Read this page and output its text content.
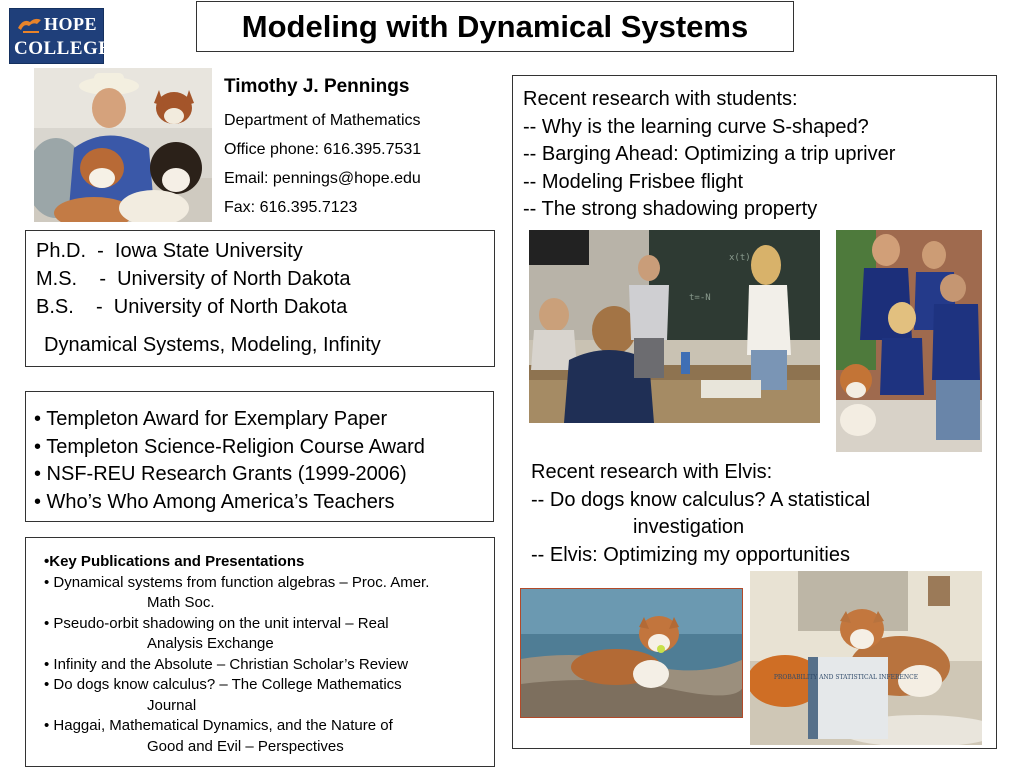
HOPE
COLLEGE
Modeling with Dynamical Systems
Timothy J. Pennings
Department of Mathematics
Office phone: 616.395.7531
Email: pennings@hope.edu
Fax: 616.395.7123
Ph.D.  -  Iowa State University
M.S.    -  University of North Dakota
B.S.    -  University of North Dakota
Dynamical Systems, Modeling, Infinity
• Templeton Award for Exemplary Paper
• Templeton Science-Religion Course Award
• NSF-REU Research Grants (1999-2006)
• Who’s Who Among America’s Teachers
•Key Publications and Presentations
• Dynamical systems from function algebras – Proc. Amer.
Math Soc.
• Pseudo-orbit shadowing on the unit interval – Real
Analysis Exchange
• Infinity and the Absolute – Christian Scholar’s Review
• Do dogs know calculus? – The College Mathematics
Journal
• Haggai, Mathematical Dynamics, and the Nature of
Good and Evil – Perspectives
Recent research with students:
-- Why is the learning curve S-shaped?
-- Barging Ahead: Optimizing a trip upriver
-- Modeling Frisbee flight
-- The strong shadowing property
Recent research with Elvis:
-- Do dogs know calculus? A statistical
investigation
-- Elvis: Optimizing my opportunities
x(t)
t=-N
PROBABILITY AND STATISTICAL INFERENCE
